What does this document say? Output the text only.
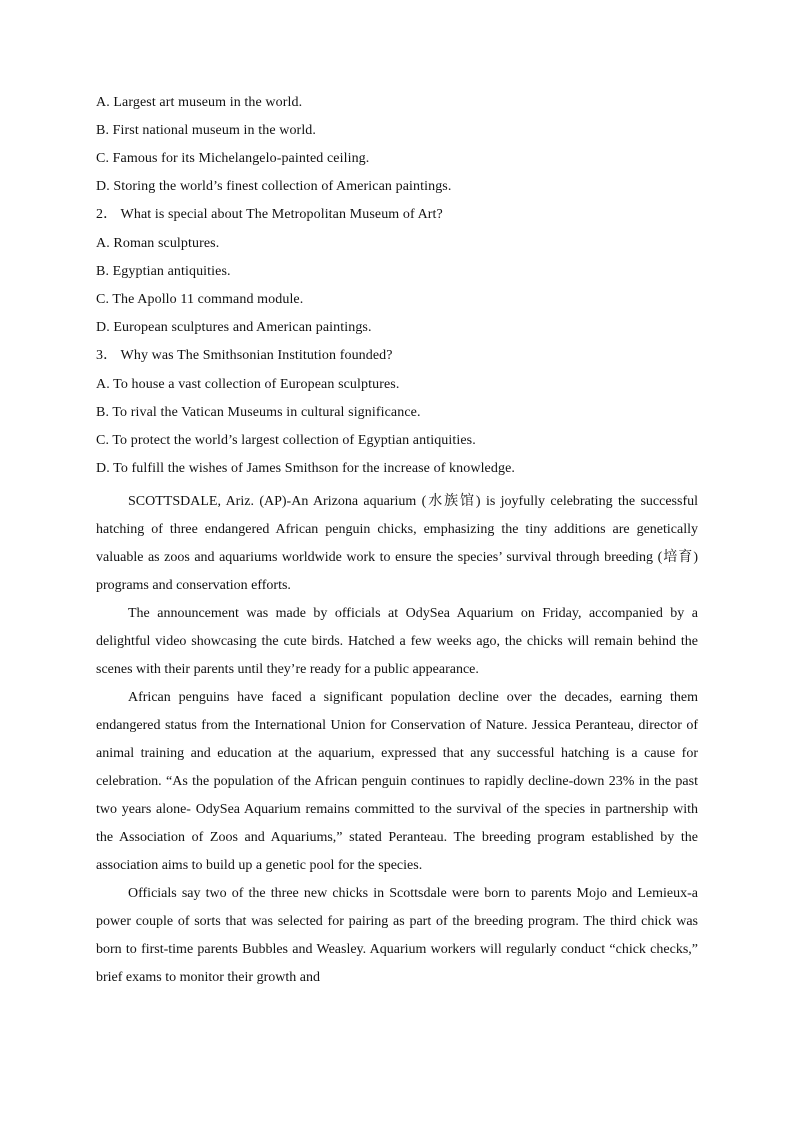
A. Largest art museum in the world.
B. First national museum in the world.
C. Famous for its Michelangelo-painted ceiling.
D. Storing the world’s finest collection of American paintings.
2． What is special about The Metropolitan Museum of Art?
A. Roman sculptures.
B. Egyptian antiquities.
C. The Apollo 11 command module.
D. European sculptures and American paintings.
3． Why was The Smithsonian Institution founded?
A. To house a vast collection of European sculptures.
B. To rival the Vatican Museums in cultural significance.
C. To protect the world’s largest collection of Egyptian antiquities.
D. To fulfill the wishes of James Smithson for the increase of knowledge.

SCOTTSDALE, Ariz. (AP)-An Arizona aquarium (水族馆) is joyfully celebrating the successful hatching of three endangered African penguin chicks, emphasizing the tiny additions are genetically valuable as zoos and aquariums worldwide work to ensure the species’ survival through breeding (培育) programs and conservation efforts.

The announcement was made by officials at OdySea Aquarium on Friday, accompanied by a delightful video showcasing the cute birds. Hatched a few weeks ago, the chicks will remain behind the scenes with their parents until they’re ready for a public appearance.

African penguins have faced a significant population decline over the decades, earning them endangered status from the International Union for Conservation of Nature. Jessica Peranteau, director of animal training and education at the aquarium, expressed that any successful hatching is a cause for celebration. “As the population of the African penguin continues to rapidly decline-down 23% in the past two years alone- OdySea Aquarium remains committed to the survival of the species in partnership with the Association of Zoos and Aquariums,” stated Peranteau. The breeding program established by the association aims to build up a genetic pool for the species.

Officials say two of the three new chicks in Scottsdale were born to parents Mojo and Lemieux-a power couple of sorts that was selected for pairing as part of the breeding program. The third chick was born to first-time parents Bubbles and Weasley. Aquarium workers will regularly conduct “chick checks,” brief exams to monitor their growth and
